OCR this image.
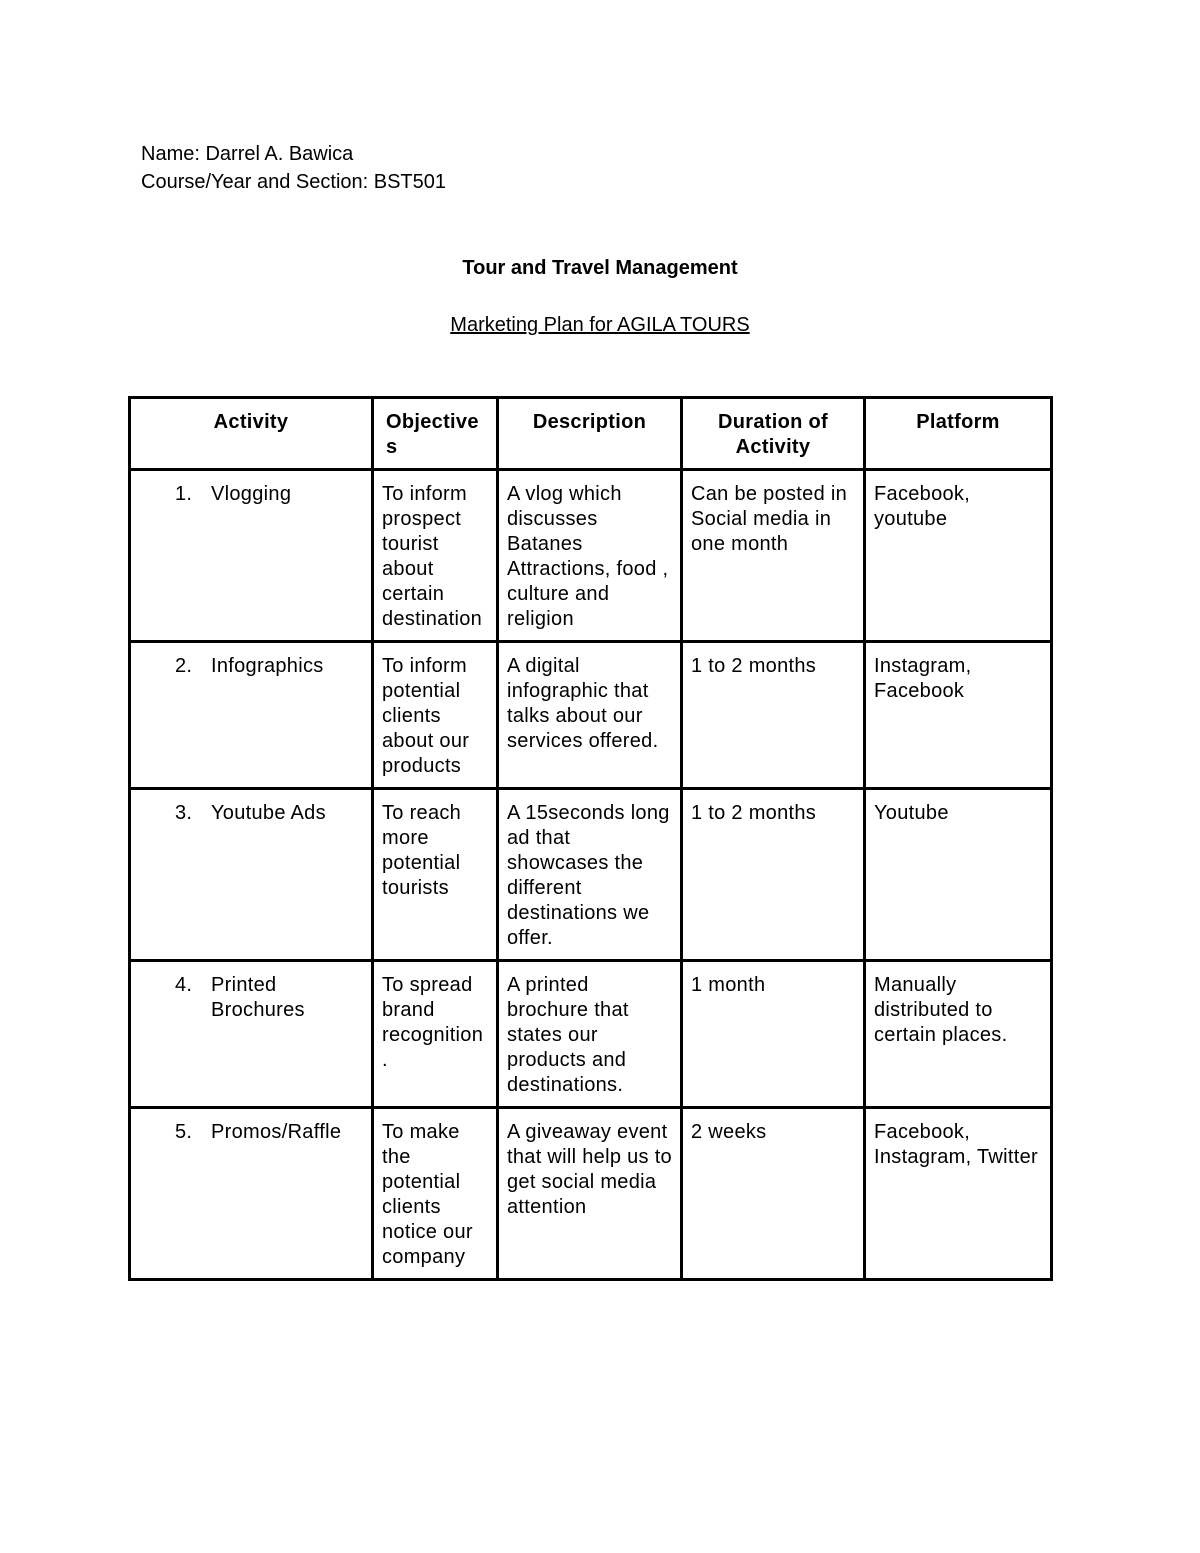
Name: Darrel A. Bawica
Course/Year and Section: BST501
Tour and Travel Management
Marketing Plan for AGILA TOURS
Activity	Objectives	Description	Duration of Activity	Platform

1. Vlogging	To inform prospect tourist about certain destination	A vlog which discusses Batanes Attractions, food , culture and religion	Can be posted in Social media in one month	Facebook, youtube

2. Infographics	To inform potential clients about our products	A digital infographic that talks about our services offered.	1 to 2 months	Instagram, Facebook

3. Youtube Ads	To reach more potential tourists	A 15seconds long ad that showcases the different destinations we offer.	1 to 2 months	Youtube

4. Printed Brochures	To spread brand recognition.	A printed brochure that states our products and destinations.	1 month	Manually distributed to certain places.

5. Promos/Raffle	To make the potential clients notice our company	A giveaway event that will help us to get social media attention	2 weeks	Facebook, Instagram, Twitter
